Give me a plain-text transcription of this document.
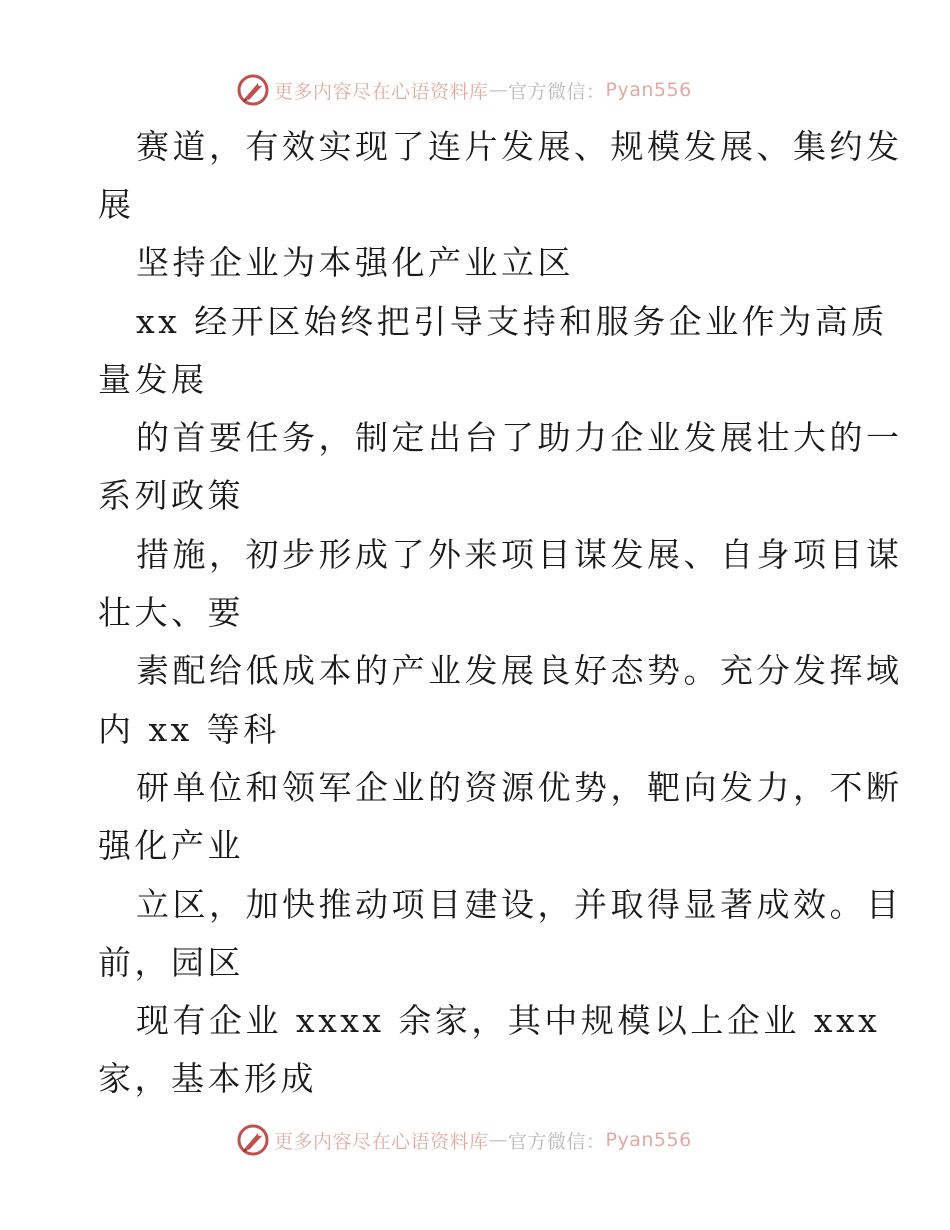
更多内容尽在心语资料库 — 官方微信： Pyan556
赛道，有效实现了连片发展、规模发展、集约发
展
坚持企业为本强化产业立区
xx 经开区始终把引导支持和服务企业作为高质
量发展
的首要任务，制定出台了助力企业发展壮大的一
系列政策
措施，初步形成了外来项目谋发展、自身项目谋
壮大、要
素配给低成本的产业发展良好态势。充分发挥域
内 xx 等科
研单位和领军企业的资源优势，靶向发力，不断
强化产业
立区，加快推动项目建设，并取得显著成效。目
前，园区
现有企业 xxxx 余家，其中规模以上企业 xxx
家，基本形成
更多内容尽在心语资料库 — 官方微信： Pyan556
